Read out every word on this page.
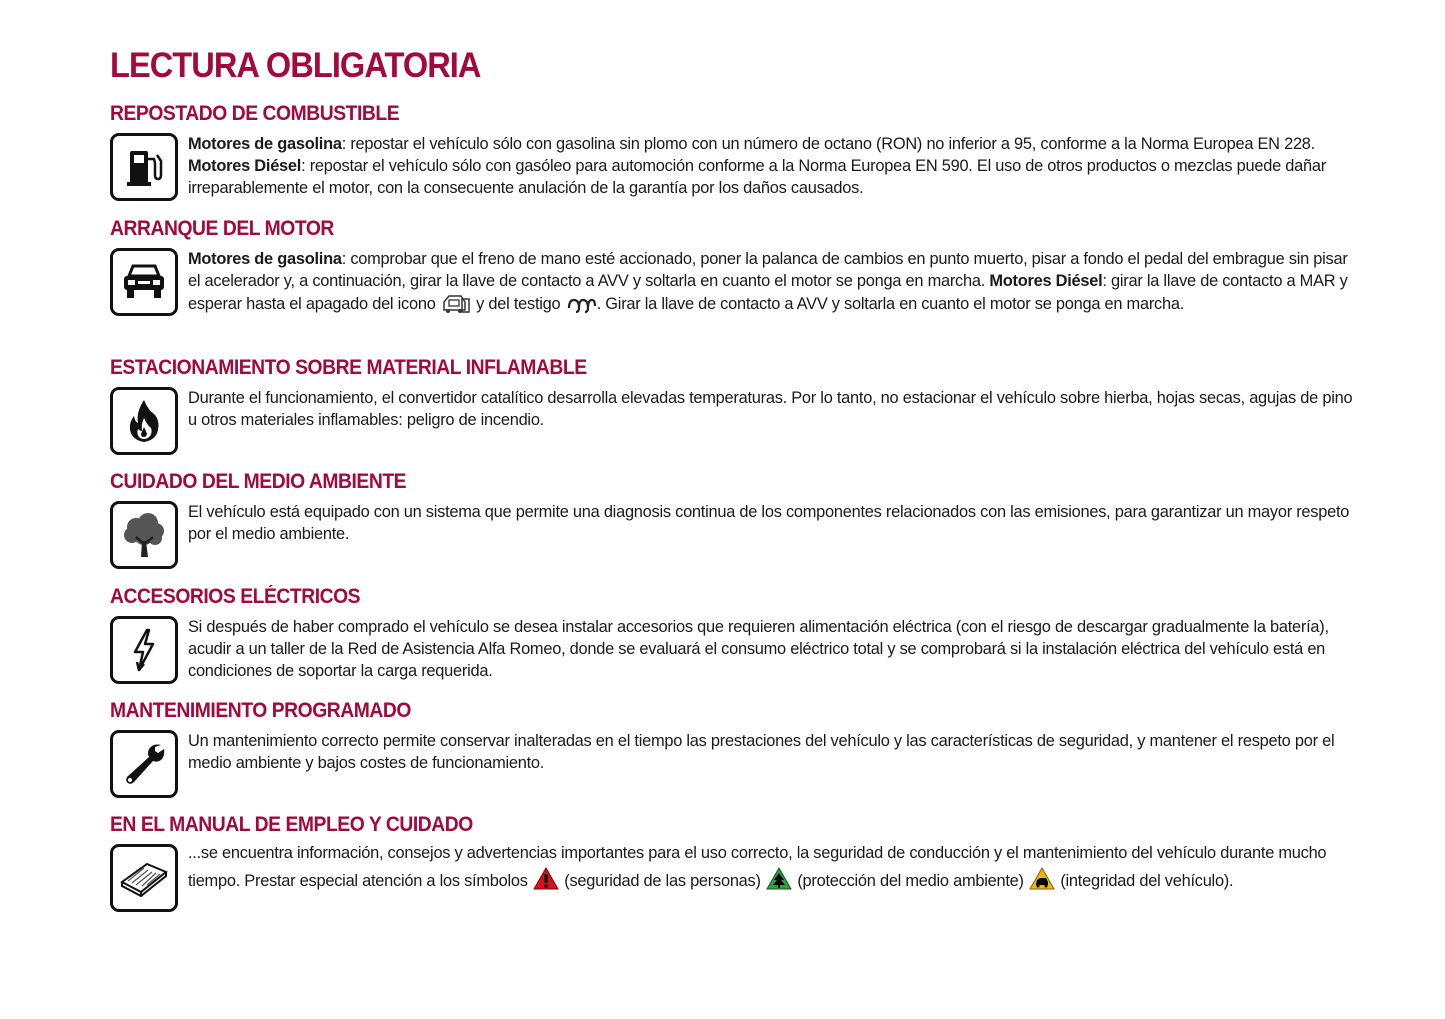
LECTURA OBLIGATORIA
REPOSTADO DE COMBUSTIBLE
Motores de gasolina: repostar el vehículo sólo con gasolina sin plomo con un número de octano (RON) no inferior a 95, conforme a la Norma Europea EN 228. Motores Diésel: repostar el vehículo sólo con gasóleo para automoción conforme a la Norma Europea EN 590. El uso de otros productos o mezclas puede dañar irreparablemente el motor, con la consecuente anulación de la garantía por los daños causados.
ARRANQUE DEL MOTOR
Motores de gasolina: comprobar que el freno de mano esté accionado, poner la palanca de cambios en punto muerto, pisar a fondo el pedal del embrague sin pisar el acelerador y, a continuación, girar la llave de contacto a AVV y soltarla en cuanto el motor se ponga en marcha. Motores Diésel: girar la llave de contacto a MAR y esperar hasta el apagado del icono  y del testigo . Girar la llave de contacto a AVV y soltarla en cuanto el motor se ponga en marcha.
ESTACIONAMIENTO SOBRE MATERIAL INFLAMABLE
Durante el funcionamiento, el convertidor catalítico desarrolla elevadas temperaturas. Por lo tanto, no estacionar el vehículo sobre hierba, hojas secas, agujas de pino u otros materiales inflamables: peligro de incendio.
CUIDADO DEL MEDIO AMBIENTE
El vehículo está equipado con un sistema que permite una diagnosis continua de los componentes relacionados con las emisiones, para garantizar un mayor respeto por el medio ambiente.
ACCESORIOS ELÉCTRICOS
Si después de haber comprado el vehículo se desea instalar accesorios que requieren alimentación eléctrica (con el riesgo de descargar gradualmente la batería), acudir a un taller de la Red de Asistencia Alfa Romeo, donde se evaluará el consumo eléctrico total y se comprobará si la instalación eléctrica del vehículo está en condiciones de soportar la carga requerida.
MANTENIMIENTO PROGRAMADO
Un mantenimiento correcto permite conservar inalteradas en el tiempo las prestaciones del vehículo y las características de seguridad, y mantener el respeto por el medio ambiente y bajos costes de funcionamiento.
EN EL MANUAL DE EMPLEO Y CUIDADO
...se encuentra información, consejos y advertencias importantes para el uso correcto, la seguridad de conducción y el mantenimiento del vehículo durante mucho tiempo. Prestar especial atención a los símbolos  (seguridad de las personas)  (protección del medio ambiente)  (integridad del vehículo).
